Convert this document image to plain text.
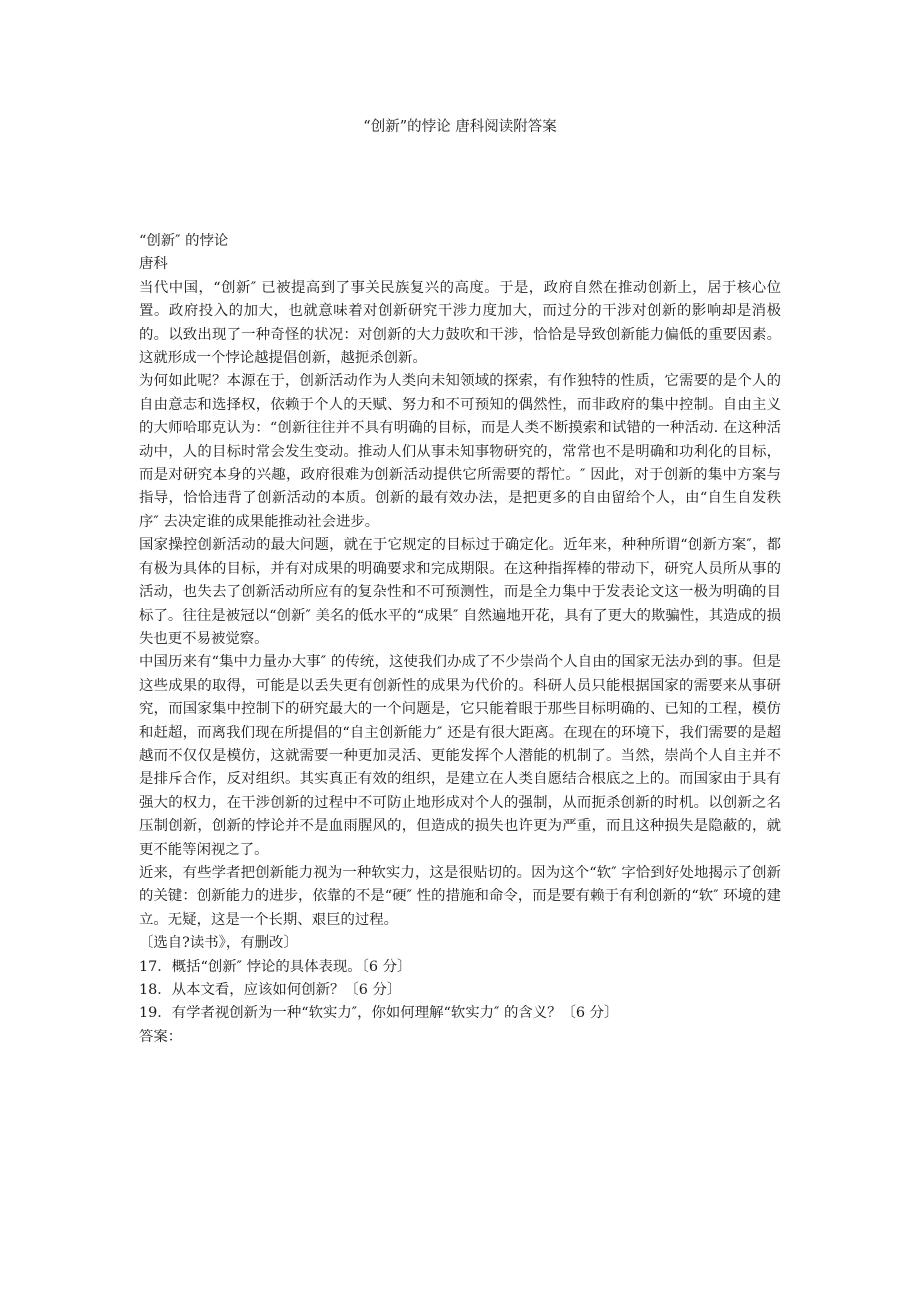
“创新”的悖论 唐科阅读附答案

“创新″ 的悖论

唐科

当代中国，“创新″ 已被提高到了事关民族复兴的高度。于是，政府自然在推动创新上，居于核心位置。政府投入的加大，也就意味着对创新研究干涉力度加大，而过分的干涉对创新的影响却是消极的。以致出现了一种奇怪的状况：对创新的大力鼓吹和干涉，恰恰是导致创新能力偏低的重要因素。这就形成一个悖论越提倡创新，越扼杀创新。

为何如此呢？本源在于，创新活动作为人类向未知领域的探索，有作独特的性质，它需要的是个人的自由意志和选择权，依赖于个人的天赋、努力和不可预知的偶然性，而非政府的集中控制。自由主义的大师哈耶克认为：“创新往往并不具有明确的目标，而是人类不断摸索和试错的一种活动. 在这种活动中，人的目标时常会发生变动。推动人们从事未知事物研究的，常常也不是明确和功利化的目标，而是对研究本身的兴趣，政府很难为创新活动提供它所需要的帮忙。″ 因此，对于创新的集中方案与指导，恰恰违背了创新活动的本质。创新的最有效办法，是把更多的自由留给个人，由“自生自发秩序″ 去决定谁的成果能推动社会进步。

国家操控创新活动的最大问题，就在于它规定的目标过于确定化。近年来，种种所谓“创新方案″，都有极为具体的目标，并有对成果的明确要求和完成期限。在这种指挥棒的带动下，研究人员所从事的活动，也失去了创新活动所应有的复杂性和不可预测性，而是全力集中于发表论文这一极为明确的目标了。往往是被冠以“创新″ 美名的低水平的“成果″ 自然遍地开花，具有了更大的欺骗性，其造成的损失也更不易被觉察。

中国历来有“集中力量办大事″ 的传统，这使我们办成了不少崇尚个人自由的国家无法办到的事。但是这些成果的取得，可能是以丢失更有创新性的成果为代价的。科研人员只能根据国家的需要来从事研究，而国家集中控制下的研究最大的一个问题是，它只能着眼于那些目标明确的、已知的工程，模仿和赶超，而离我们现在所提倡的“自主创新能力″ 还是有很大距离。在现在的环境下，我们需要的是超越而不仅仅是模仿，这就需要一种更加灵活、更能发挥个人潜能的机制了。当然，崇尚个人自主并不是排斥合作，反对组织。其实真正有效的组织，是建立在人类自愿结合根底之上的。而国家由于具有强大的权力，在干涉创新的过程中不可防止地形成对个人的强制，从而扼杀创新的时机。以创新之名压制创新，创新的悖论并不是血雨腥风的，但造成的损失也许更为严重，而且这种损失是隐蔽的，就更不能等闲视之了。

近来，有些学者把创新能力视为一种软实力，这是很贴切的。因为这个“软″ 字恰到好处地揭示了创新的关键：创新能力的进步，依靠的不是“硬″ 性的措施和命令，而是要有赖于有利创新的“软″ 环境的建立。无疑，这是一个长期、艰巨的过程。

〔选自?读书》，有删改〕

17．概括“创新″ 悖论的具体表现。〔6 分〕

18．从本文看，应该如何创新？〔6 分〕

19．有学者视创新为一种“软实力″，你如何理解“软实力″ 的含义？〔6 分〕

答案：
